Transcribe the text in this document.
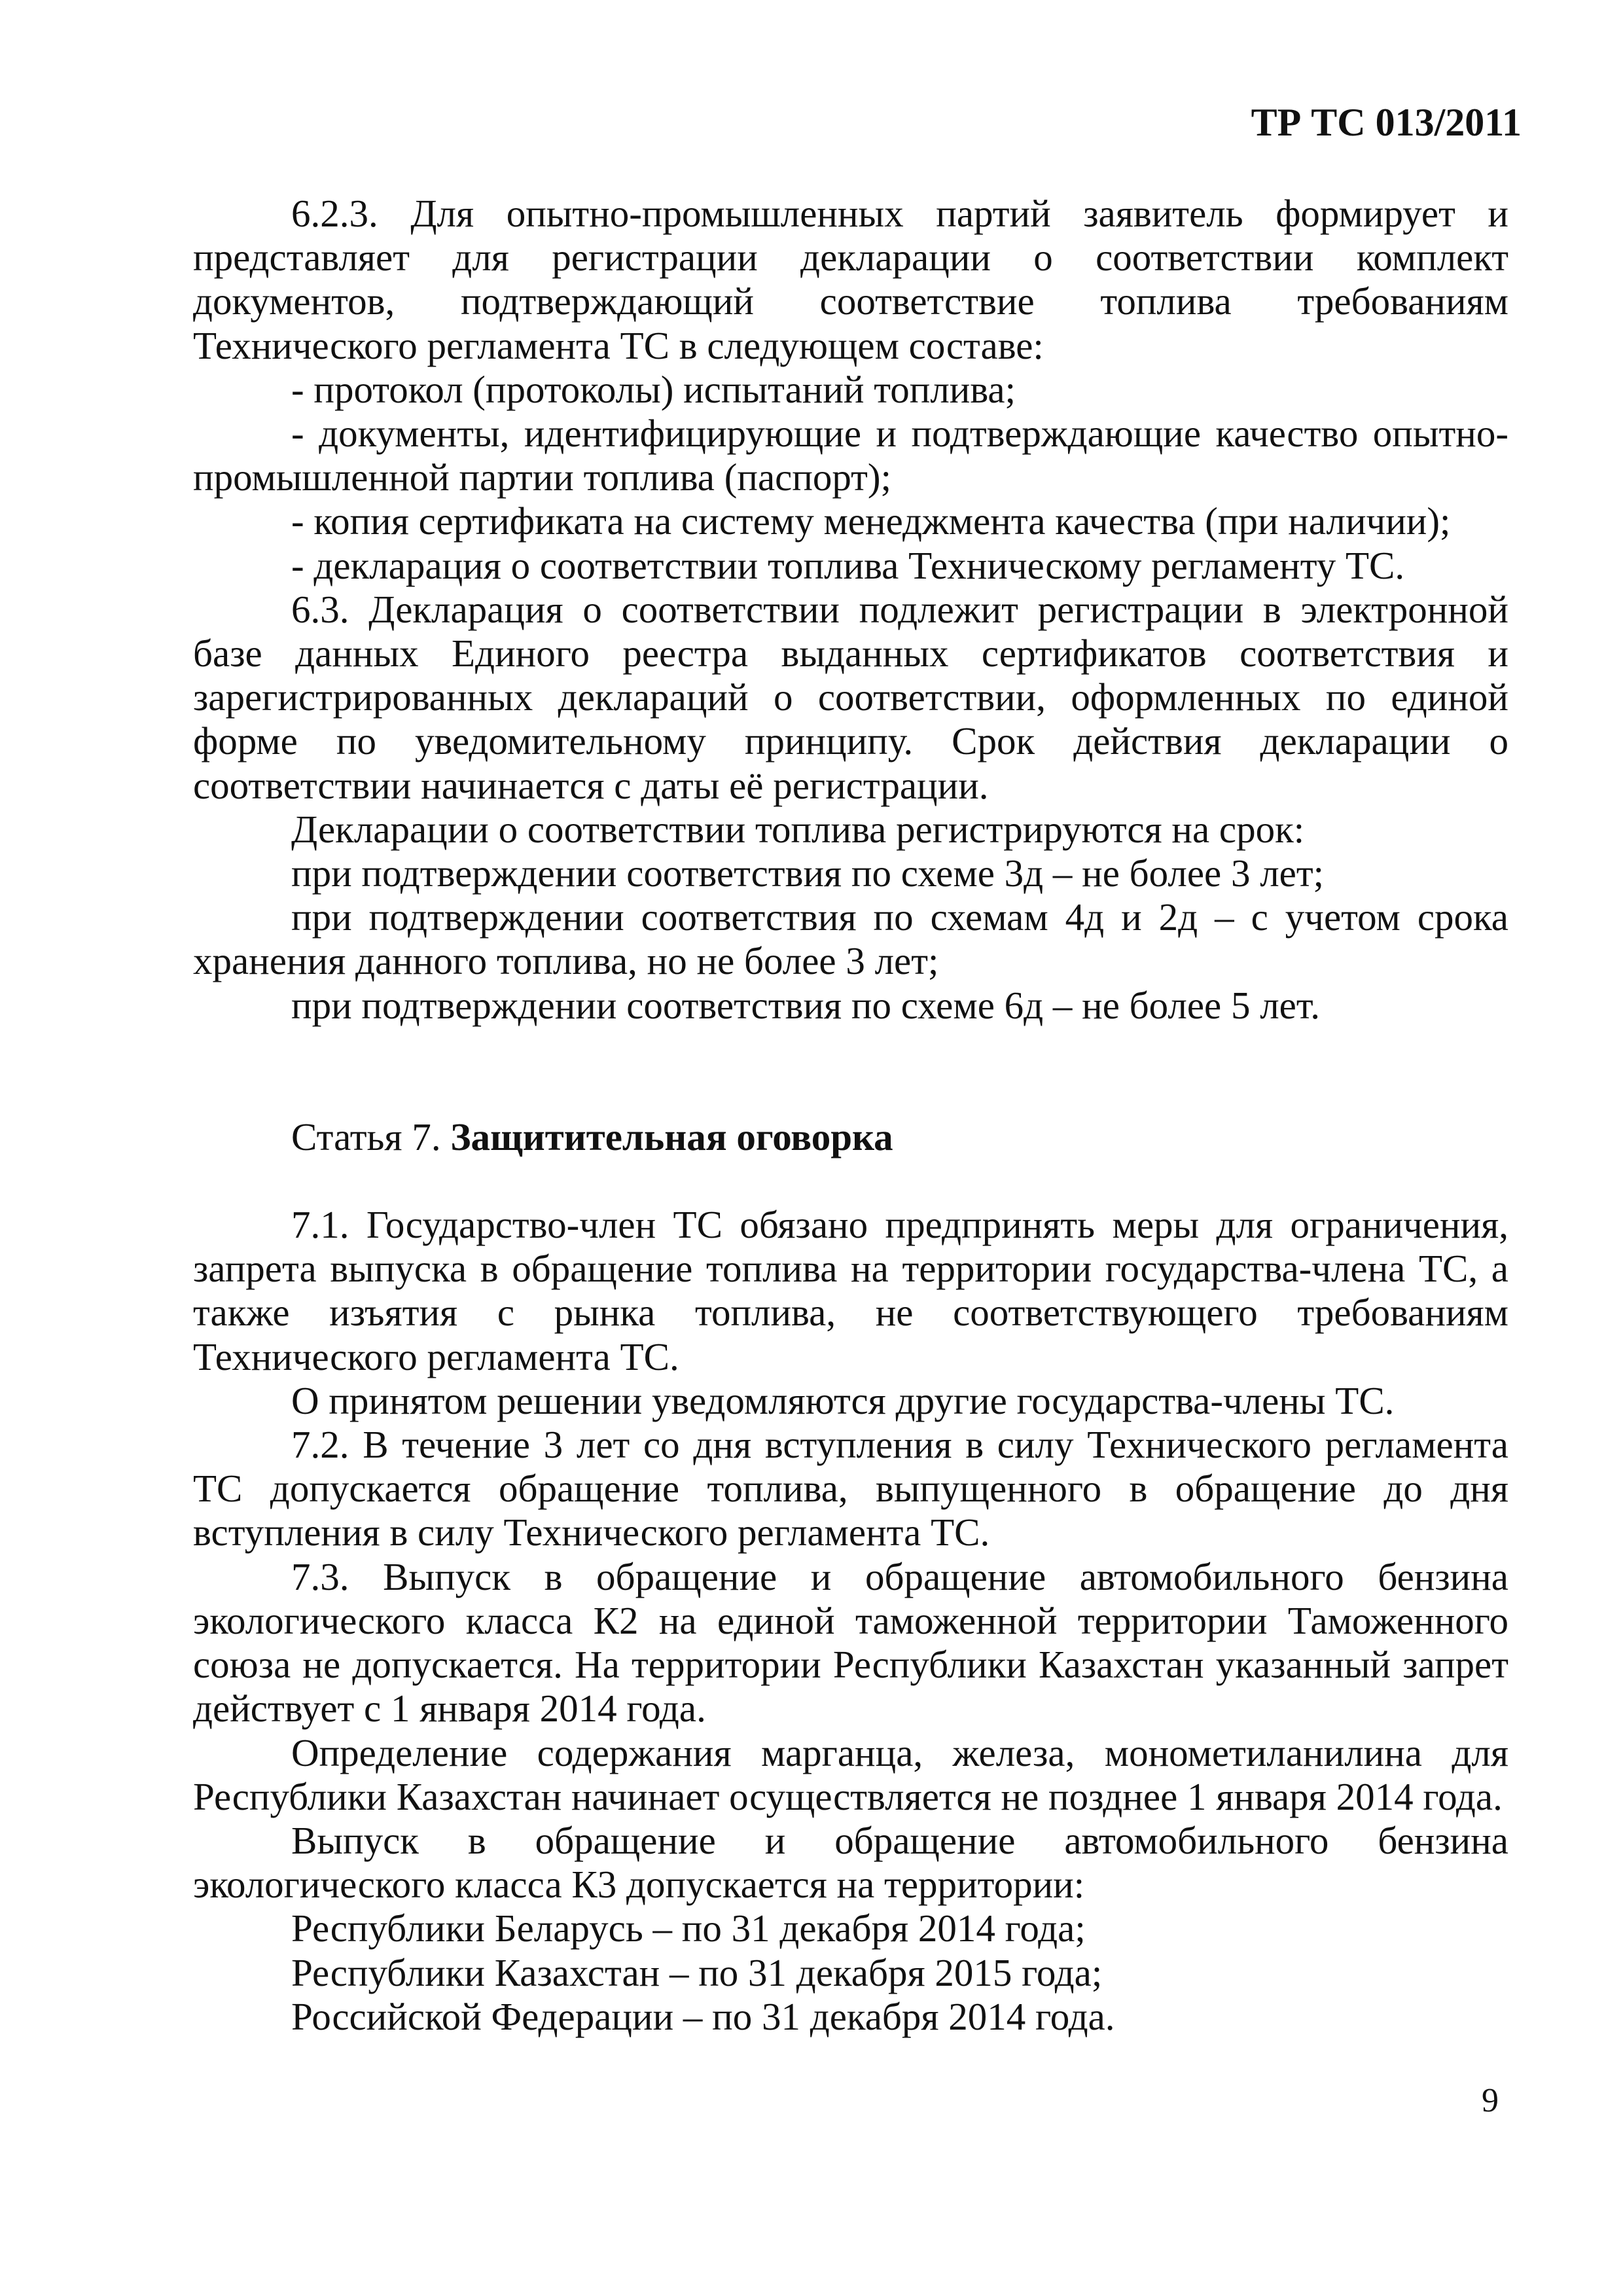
ТР ТС 013/2011

6.2.3. Для опытно-промышленных партий заявитель формирует и представляет для регистрации декларации о соответствии комплект документов, подтверждающий соответствие топлива требованиям Технического регламента ТС в следующем составе:

- протокол (протоколы) испытаний топлива;

- документы, идентифицирующие и подтверждающие качество опытно-промышленной партии топлива (паспорт);

- копия сертификата на систему менеджмента качества (при наличии);

- декларация о соответствии топлива Техническому регламенту ТС.

6.3. Декларация о соответствии подлежит регистрации в электронной базе данных Единого реестра выданных сертификатов соответствия и зарегистрированных деклараций о соответствии, оформленных по единой форме по уведомительному принципу. Срок действия декларации о соответствии начинается с даты её регистрации.

Декларации о соответствии топлива регистрируются на срок:

при подтверждении соответствия по схеме 3д – не более 3 лет;

при подтверждении соответствия по схемам 4д и 2д – с учетом срока хранения данного топлива, но не более 3 лет;

при подтверждении соответствия по схеме 6д – не более 5 лет.

Статья 7. Защитительная оговорка

7.1. Государство-член ТС обязано предпринять меры для ограничения, запрета выпуска в обращение топлива на территории государства-члена ТС, а также изъятия с рынка топлива, не соответствующего требованиям Технического регламента ТС.

О принятом решении уведомляются другие государства-члены ТС.

7.2. В течение 3 лет со дня вступления в силу Технического регламента ТС допускается обращение топлива, выпущенного в обращение до дня вступления в силу Технического регламента ТС.

7.3. Выпуск в обращение и обращение автомобильного бензина экологического класса К2 на единой таможенной территории Таможенного союза не допускается. На территории Республики Казахстан указанный запрет действует с 1 января 2014 года.

Определение содержания марганца, железа, монометиланилина для Республики Казахстан начинает осуществляется не позднее 1 января 2014 года.

Выпуск в обращение и обращение автомобильного бензина экологического класса К3 допускается на территории:

Республики Беларусь – по 31 декабря 2014 года;

Республики Казахстан – по 31 декабря 2015 года;

Российской Федерации – по 31 декабря 2014 года.

9
